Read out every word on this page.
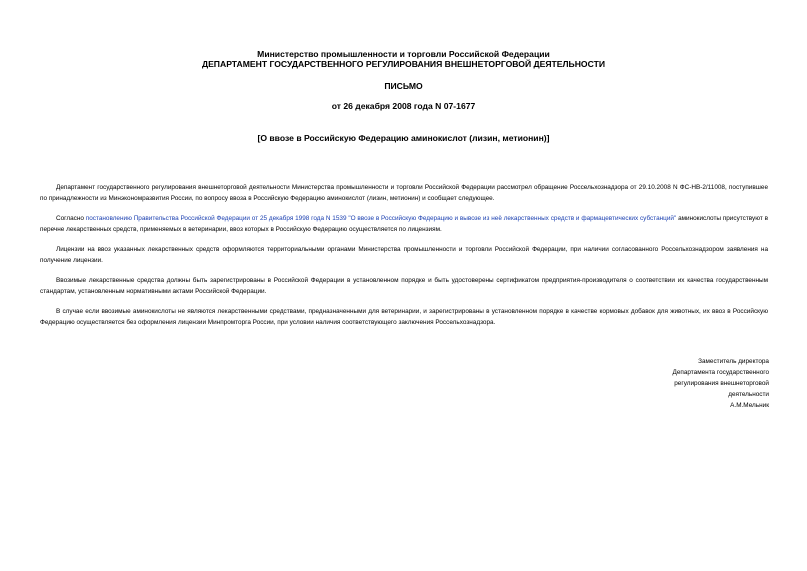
Министерство промышленности и торговли Российской Федерации
ДЕПАРТАМЕНТ ГОСУДАРСТВЕННОГО РЕГУЛИРОВАНИЯ ВНЕШНЕТОРГОВОЙ ДЕЯТЕЛЬНОСТИ
ПИСЬМО
от 26 декабря 2008 года N 07-1677
[О ввозе в Российскую Федерацию аминокислот (лизин, метионин)]

Департамент государственного регулирования внешнеторговой деятельности Министерства промышленности и торговли Российской Федерации рассмотрел обращение Россельхознадзора от 29.10.2008 N ФС-НВ-2/11008, поступившее по принадлежности из Минэкономразвития России, по вопросу ввоза в Российскую Федерацию аминокислот (лизин, метионин) и сообщает следующее.

Согласно постановлению Правительства Российской Федерации от 25 декабря 1998 года N 1539 "О ввозе в Российскую Федерацию и вывозе из неё лекарственных средств и фармацевтических субстанций" аминокислоты присутствуют в перечне лекарственных средств, применяемых в ветеринарии, ввоз которых в Российскую Федерацию осуществляется по лицензиям.

Лицензии на ввоз указанных лекарственных средств оформляются территориальными органами Министерства промышленности и торговли Российской Федерации, при наличии согласованного Россельхознадзором заявления на получение лицензии.

Ввозимые лекарственные средства должны быть зарегистрированы в Российской Федерации в установленном порядке и быть удостоверены сертификатом предприятия-производителя о соответствии их качества государственным стандартам, установленным нормативными актами Российской Федерации.

В случае если ввозимые аминокислоты не являются лекарственными средствами, предназначенными для ветеринарии, и зарегистрированы в установленном порядке в качестве кормовых добавок для животных, их ввоз в Российскую Федерацию осуществляется без оформления лицензии Минпромторга России, при условии наличия соответствующего заключения Россельхознадзора.

Заместитель директора
Департамента государственного
регулирования внешнеторговой
деятельности
А.М.Мельник
